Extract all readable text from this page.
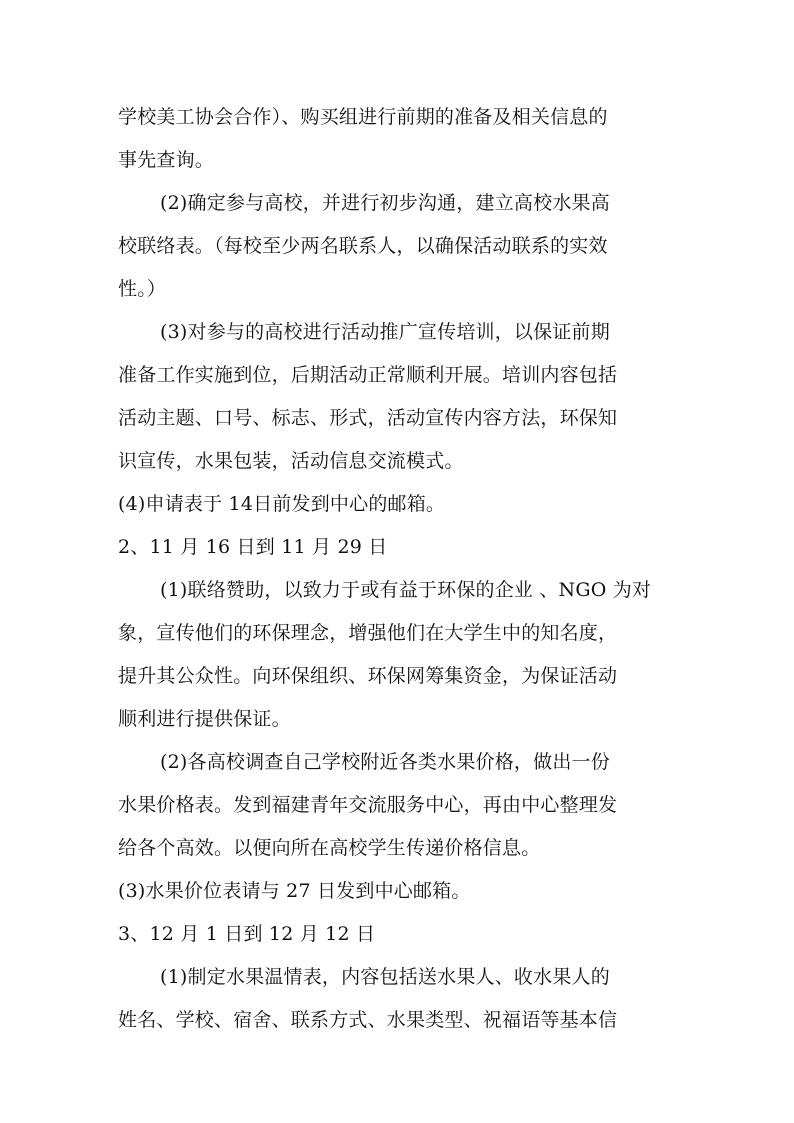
学校美工协会合作）、购买组进行前期的准备及相关信息的
事先查询。
(2)确定参与高校，并进行初步沟通，建立高校水果高
校联络表。（每校至少两名联系人，以确保活动联系的实效
性。）
(3)对参与的高校进行活动推广宣传培训，以保证前期
准备工作实施到位，后期活动正常顺利开展。培训内容包括
活动主题、口号、标志、形式，活动宣传内容方法，环保知
识宣传，水果包装，活动信息交流模式。
(4)申请表于 14日前发到中心的邮箱。
2、11 月 16 日到 11 月 29 日
(1)联络赞助，以致力于或有益于环保的企业 、NGO 为对
象，宣传他们的环保理念，增强他们在大学生中的知名度，
提升其公众性。向环保组织、环保网筹集资金，为保证活动
顺利进行提供保证。
(2)各高校调查自己学校附近各类水果价格，做出一份
水果价格表。发到福建青年交流服务中心，再由中心整理发
给各个高效。以便向所在高校学生传递价格信息。
(3)水果价位表请与 27 日发到中心邮箱。
3、12 月 1 日到 12 月 12 日
(1)制定水果温情表，内容包括送水果人、收水果人的
姓名、学校、宿舍、联系方式、水果类型、祝福语等基本信
